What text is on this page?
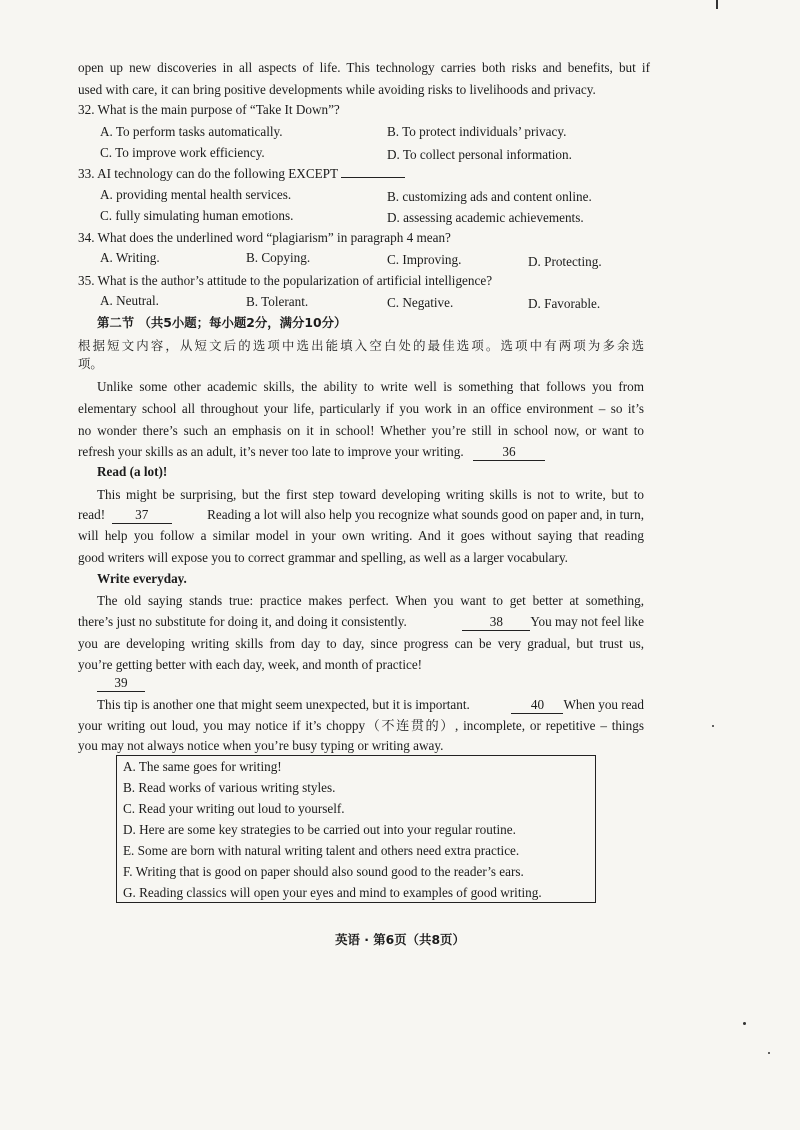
open up new discoveries in all aspects of life. This technology carries both risks and benefits, but if
used with care, it can bring positive developments while avoiding risks to livelihoods and privacy.
32. What is the main purpose of “Take It Down”?
A. To perform tasks automatically.	B. To protect individuals’ privacy.
C. To improve work efficiency.	D. To collect personal information.
33. AI technology can do the following EXCEPT
A. providing mental health services.	B. customizing ads and content online.
C. fully simulating human emotions.	D. assessing academic achievements.
34. What does the underlined word “plagiarism” in paragraph 4 mean?
A. Writing.	B. Copying.	C. Improving.	D. Protecting.
35. What is the author’s attitude to the popularization of artificial intelligence?
A. Neutral.	B. Tolerant.	C. Negative.	D. Favorable.
第二节 （共5小题；每小题2分，满分10分）
根据短文内容，从短文后的选项中选出能填入空白处的最佳选项。选项中有两项为多余选
项。
Unlike some other academic skills, the ability to write well is something that follows you from
elementary school all throughout your life, particularly if you work in an office environment – so it’s
no wonder there’s such an emphasis on it in school! Whether you’re still in school now, or want to
refresh your skills as an adult, it’s never too late to improve your writing.	36
Read (a lot)!
This might be surprising, but the first step toward developing writing skills is not to write, but to
read! 37	Reading a lot will also help you recognize what sounds good on paper and, in turn,
will help you follow a similar model in your own writing. And it goes without saying that reading
good writers will expose you to correct grammar and spelling, as well as a larger vocabulary.
Write everyday.
The old saying stands true: practice makes perfect. When you want to get better at something,
there’s just no substitute for doing it, and doing it consistently.	38 You may not feel like
you are developing writing skills from day to day, since progress can be very gradual, but trust us,
you’re getting better with each day, week, and month of practice!
39
This tip is another one that might seem unexpected, but it is important.	40 When you read
your writing out loud, you may notice if it’s choppy（不连贯的）, incomplete, or repetitive – things
you may not always notice when you’re busy typing or writing away.
A. The same goes for writing!
B. Read works of various writing styles.
C. Read your writing out loud to yourself.
D. Here are some key strategies to be carried out into your regular routine.
E. Some are born with natural writing talent and others need extra practice.
F. Writing that is good on paper should also sound good to the reader’s ears.
G. Reading classics will open your eyes and mind to examples of good writing.
英语 · 第6页（共8页）
